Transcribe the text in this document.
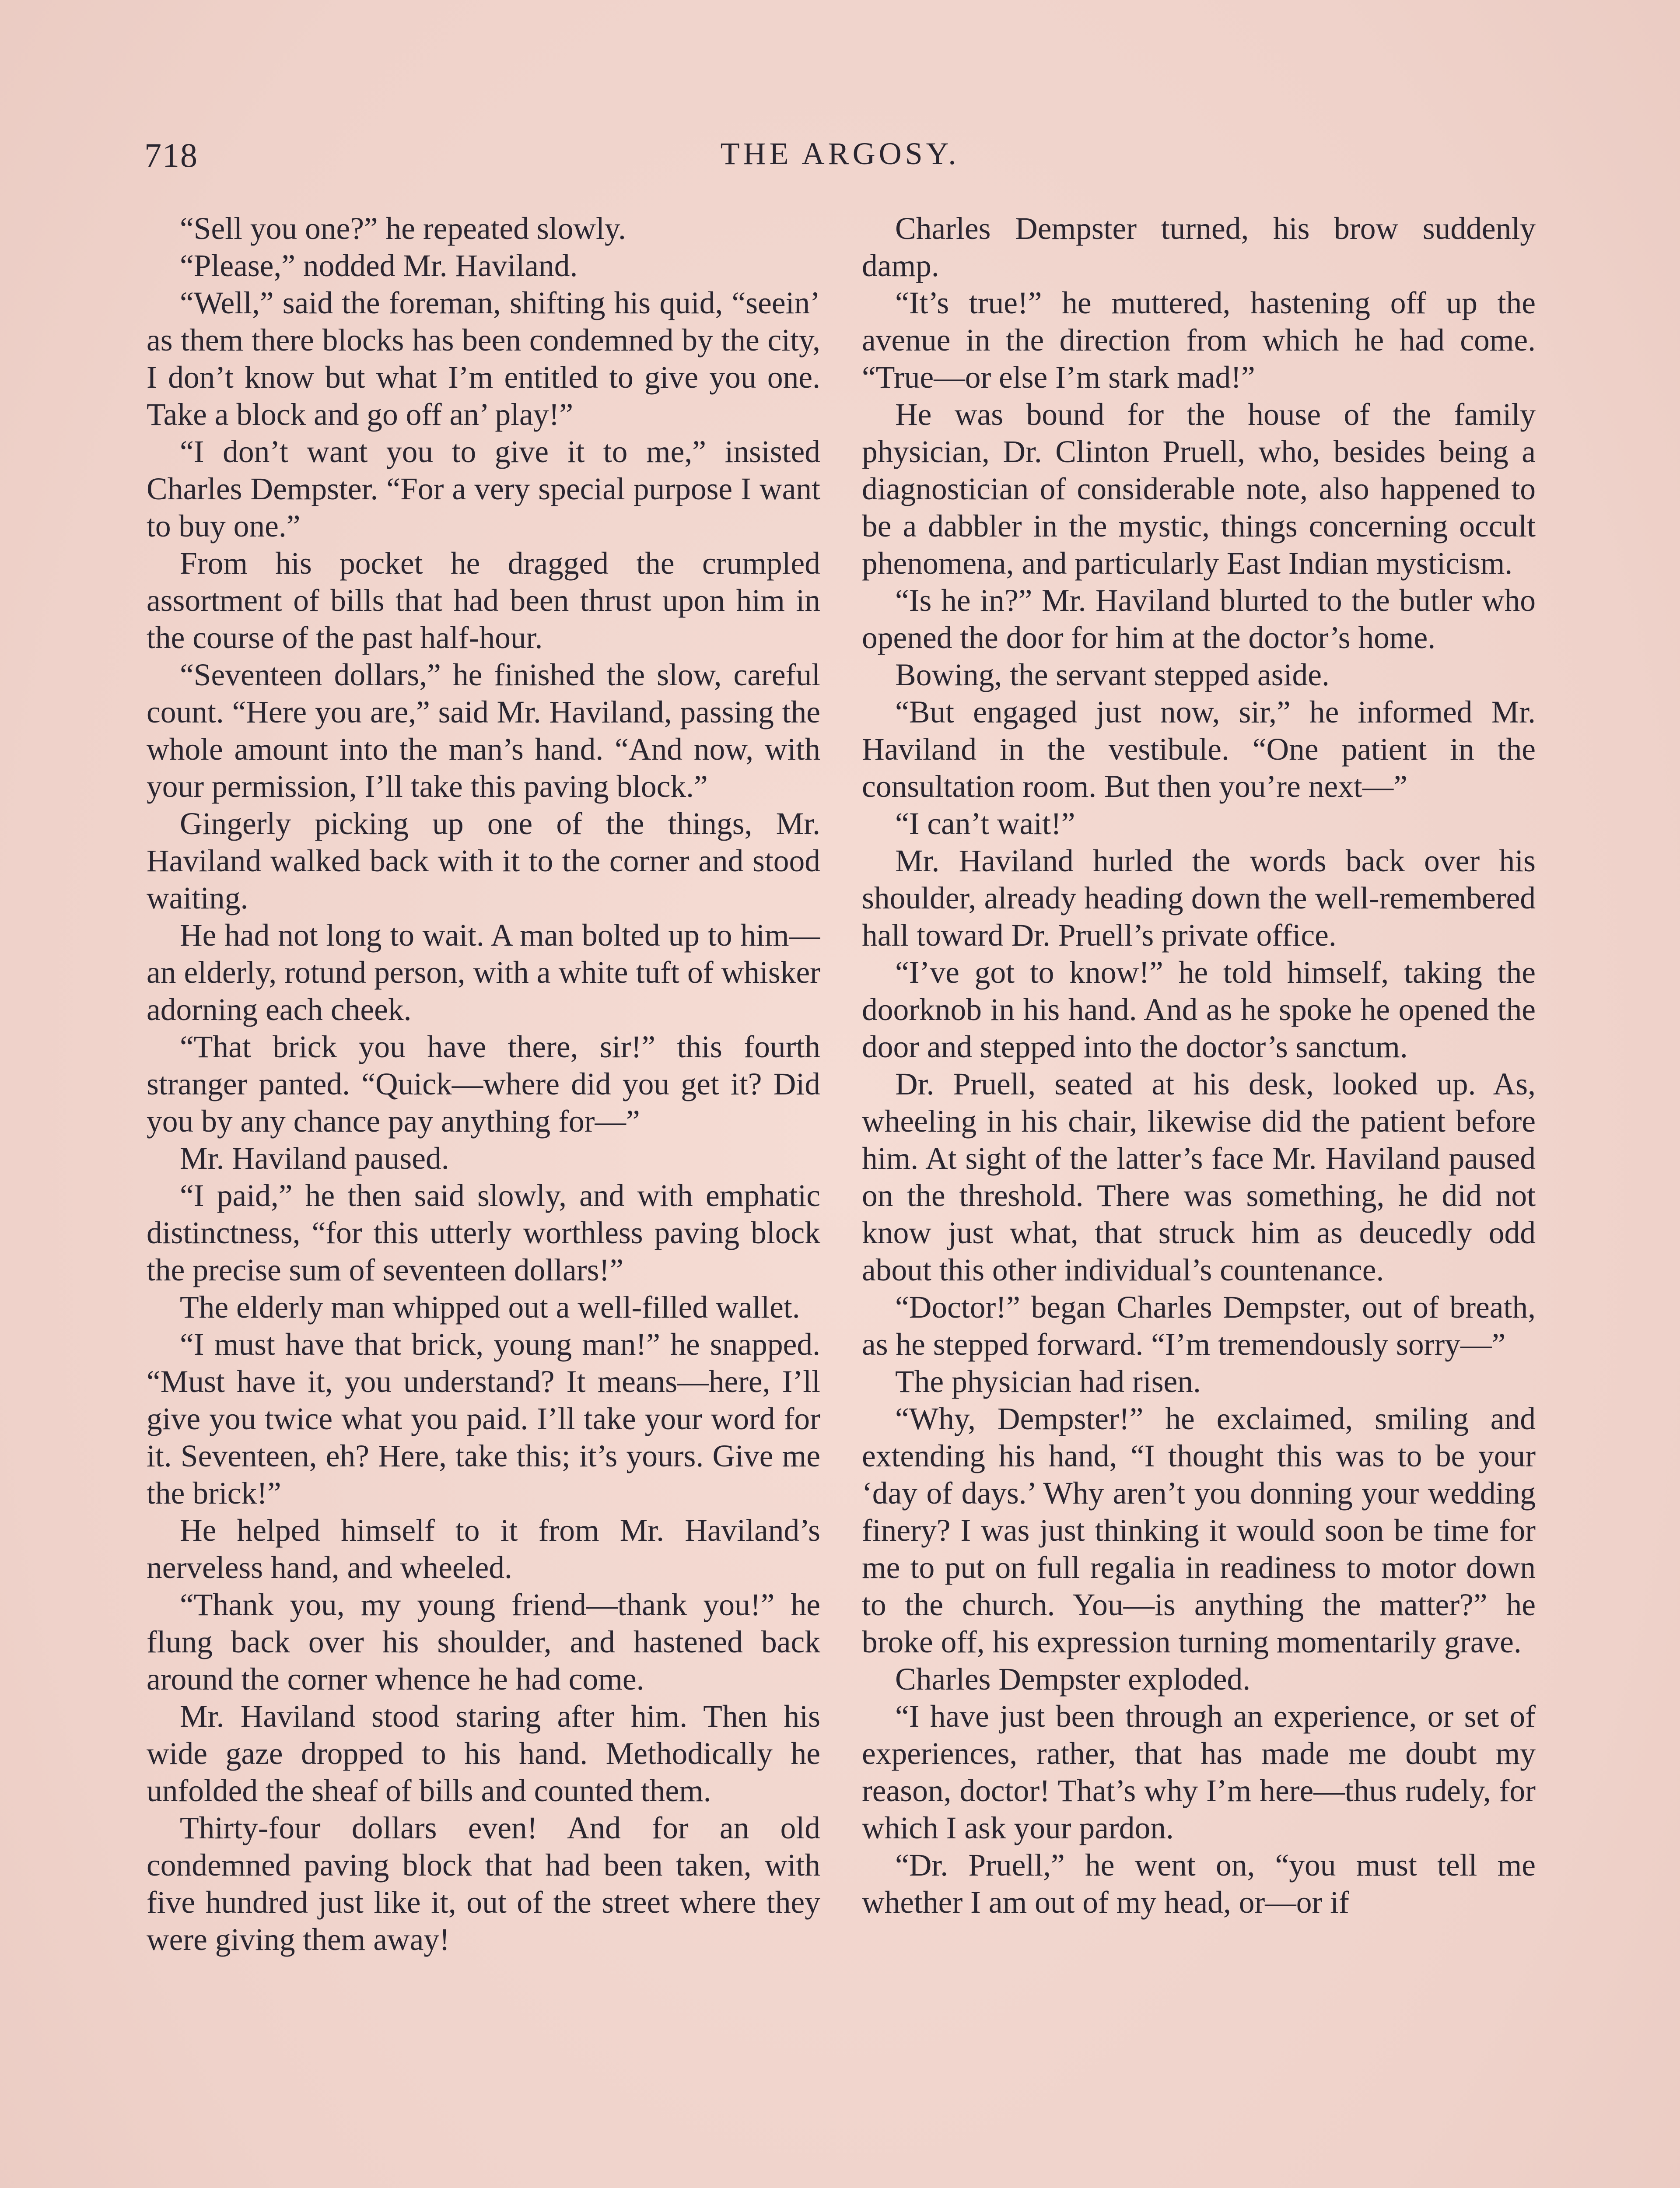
718	THE ARGOSY.

“Sell you one?” he repeated slowly.

“Please,” nodded Mr. Haviland.

“Well,” said the foreman, shifting his quid, “seein’ as them there blocks has been condemned by the city, I don’t know but what I’m entitled to give you one. Take a block and go off an’ play!”

“I don’t want you to give it to me,” insisted Charles Dempster. “For a very special purpose I want to buy one.”

From his pocket he dragged the crumpled assortment of bills that had been thrust upon him in the course of the past half-hour.

“Seventeen dollars,” he finished the slow, careful count. “Here you are,” said Mr. Haviland, passing the whole amount into the man’s hand. “And now, with your permission, I’ll take this paving block.”

Gingerly picking up one of the things, Mr. Haviland walked back with it to the corner and stood waiting.

He had not long to wait. A man bolted up to him—an elderly, rotund person, with a white tuft of whisker adorning each cheek.

“That brick you have there, sir!” this fourth stranger panted. “Quick—where did you get it? Did you by any chance pay anything for—”

Mr. Haviland paused.

“I paid,” he then said slowly, and with emphatic distinctness, “for this utterly worthless paving block the precise sum of seventeen dollars!”

The elderly man whipped out a well-filled wallet.

“I must have that brick, young man!” he snapped. “Must have it, you understand? It means—here, I’ll give you twice what you paid. I’ll take your word for it. Seventeen, eh? Here, take this; it’s yours. Give me the brick!”

He helped himself to it from Mr. Haviland’s nerveless hand, and wheeled.

“Thank you, my young friend—thank you!” he flung back over his shoulder, and hastened back around the corner whence he had come.

Mr. Haviland stood staring after him. Then his wide gaze dropped to his hand. Methodically he unfolded the sheaf of bills and counted them.

Thirty-four dollars even! And for an old condemned paving block that had been taken, with five hundred just like it, out of the street where they were giving them away!

Charles Dempster turned, his brow suddenly damp.

“It’s true!” he muttered, hastening off up the avenue in the direction from which he had come. “True—or else I’m stark mad!”

He was bound for the house of the family physician, Dr. Clinton Pruell, who, besides being a diagnostician of considerable note, also happened to be a dabbler in the mystic, things concerning occult phenomena, and particularly East Indian mysticism.

“Is he in?” Mr. Haviland blurted to the butler who opened the door for him at the doctor’s home.

Bowing, the servant stepped aside.

“But engaged just now, sir,” he informed Mr. Haviland in the vestibule. “One patient in the consultation room. But then you’re next—”

“I can’t wait!”

Mr. Haviland hurled the words back over his shoulder, already heading down the well-remembered hall toward Dr. Pruell’s private office.

“I’ve got to know!” he told himself, taking the doorknob in his hand. And as he spoke he opened the door and stepped into the doctor’s sanctum.

Dr. Pruell, seated at his desk, looked up. As, wheeling in his chair, likewise did the patient before him. At sight of the latter’s face Mr. Haviland paused on the threshold. There was something, he did not know just what, that struck him as deucedly odd about this other individual’s countenance.

“Doctor!” began Charles Dempster, out of breath, as he stepped forward. “I’m tremendously sorry—”

The physician had risen.

“Why, Dempster!” he exclaimed, smiling and extending his hand, “I thought this was to be your ‘day of days.’ Why aren’t you donning your wedding finery? I was just thinking it would soon be time for me to put on full regalia in readiness to motor down to the church. You—is anything the matter?” he broke off, his expression turning momentarily grave.

Charles Dempster exploded.

“I have just been through an experience, or set of experiences, rather, that has made me doubt my reason, doctor! That’s why I’m here—thus rudely, for which I ask your pardon.

“Dr. Pruell,” he went on, “you must tell me whether I am out of my head, or—or if
